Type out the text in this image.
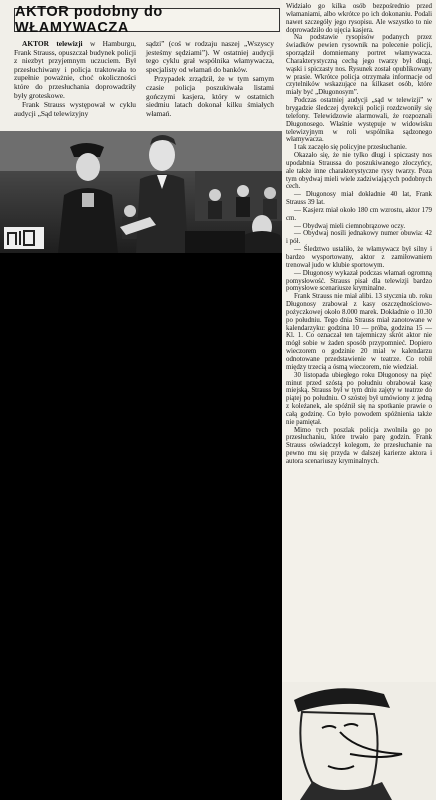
AKTOR podobny do WŁAMYWACZA

AKTOR telewizji w Hamburgu, Frank Strauss, opuszczał budynek policji z niezbyt przyjemnym uczuciem. Był przesłuchiwany i policja traktowała to zupełnie poważnie, choć okoliczności które do przesłuchania doprowadziły były groteskowe.

Frank Strauss występował w cyklu audycji „Sąd telewizyjny

sądzi” (coś w rodzaju naszej „Wszyscy jesteśmy sędziami”). W ostatniej audycji tego cyklu grał wspólnika włamywacza, specjalisty od włamań do banków.

Przypadek zrządził, że w tym samym czasie policja poszukiwała listami gończymi kasjera, który w ostatnich siedmiu latach dokonał kilku śmiałych włamań.

Widziało go kilka osób bezpośrednio przed włamaniami, albo wkrótce po ich dokonaniu. Podali nawet szczegóły jego rysopisu. Ale wszystko to nie doprowadziło do ujęcia kasjera.

Na podstawie rysopisów podanych przez świadków pewien rysownik na polecenie policji, sporządził domniemany portret włamywacza. Charakterystyczną cechą jego twarzy był długi, wąski i spiczasty nos. Rysunek został opublikowany w prasie. Wkrótce policja otrzymała informacje od czytelników wskazujące na kilkaset osób, które miały być „Długonosym”.

Podczas ostatniej audycji „sąd w telewizji” w brygadzie śledczej dyrekcji policji rozdzwoniły się telefony. Telewidzowie alarmowali, że rozpoznali Długonosego. Właśnie występuje w widowisku telewizyjnym w roli wspólnika sądzonego włamywacza.

I tak zaczęło się policyjne przesłuchanie.

Okazało się, że nie tylko długi i spiczasty nos upodabnia Straussa do poszukiwanego złoczyńcy, ale także inne charakterystyczne rysy twarzy. Poza tym obydwaj mieli wiele zadziwiających podobnych cech.

— Długonosy miał dokładnie 40 lat, Frank Strauss 39 lat.

— Kasjerz miał około 180 cm wzrostu, aktor 179 cm.

— Obydwaj mieli ciemnobrązowe oczy.

— Obydwaj nosili jednakowy numer obuwia: 42 i pół.

— Śledztwo ustaliło, że włamywacz był silny i bardzo wysportowany, aktor z zamiłowaniem trenował judo w klubie sportowym.

— Długonosy wykazał podczas włamań ogromną pomysłowość. Strauss pisał dla telewizji bardzo pomysłowe scenariusze kryminalne.

Frank Strauss nie miał alibi. 13 stycznia ub. roku Długonosy zrabował z kasy oszczędnościowo-pożyczkowej około 8.000 marek. Dokładnie o 10.30 po południu. Tego dnia Strauss miał zanotowane w kalendarzyku: godzina 10 — próba, godzina 15 — Kl. 1. Co oznaczał ten tajemniczy skrót aktor nie mógł sobie w żaden sposób przypomnieć. Dopiero wieczorem o godzinie 20 miał w kalendarzu odnotowane przedstawienie w teatrze. Co robił między trzecią a ósmą wieczorem, nie wiedział.

30 listopada ubiegłego roku Długonosy na pięć minut przed szóstą po południu obrabował kasę miejską. Strauss był w tym dniu zajęty w teatrze do piątej po południu. O szóstej był umówiony z jedną z koleżanek, ale spóźnił się na spotkanie prawie o całą godzinę. Co było powodem spóźnienia także nie pamiętał.

Mimo tych poszlak policja zwolniła go po przesłuchaniu, które trwało parę godzin. Frank Strauss oświadczył kolegom, że przesłuchanie na pewno mu się przyda w dalszej karierze aktora i autora scenariuszy kryminalnych.
